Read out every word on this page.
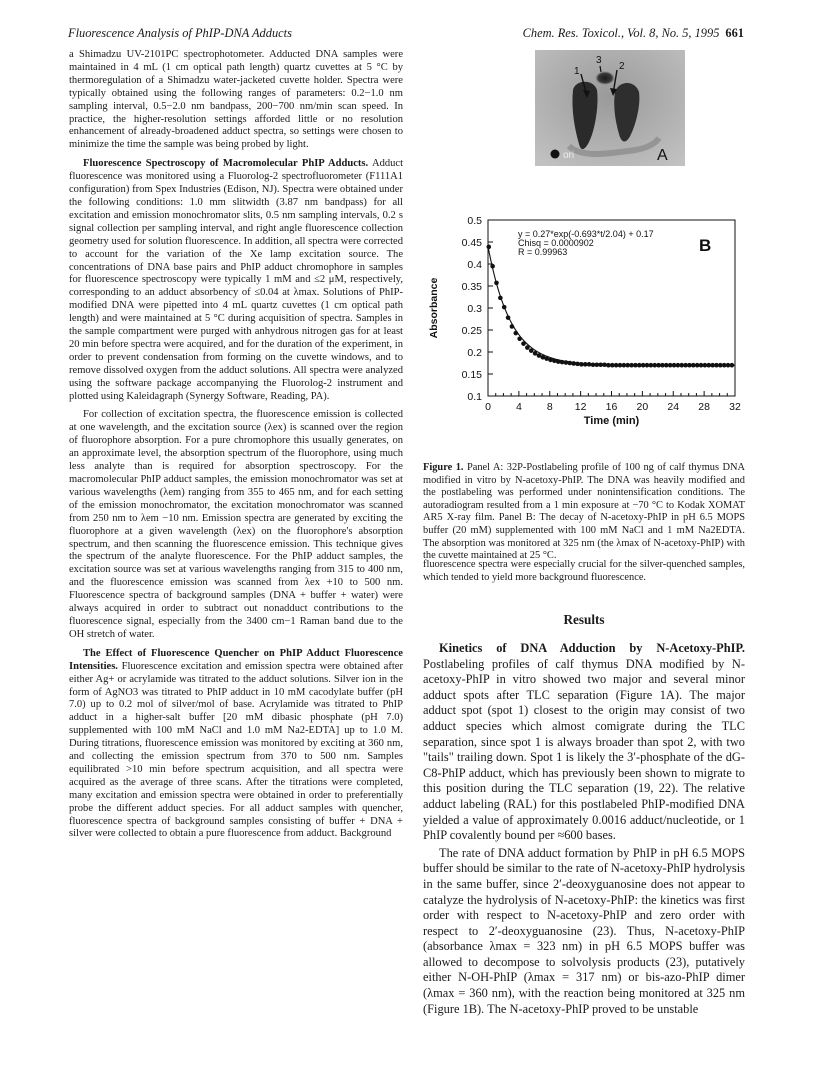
Fluorescence Analysis of PhIP-DNA Adducts	Chem. Res. Toxicol., Vol. 8, No. 5, 1995 661

a Shimadzu UV-2101PC spectrophotometer. Adducted DNA samples were maintained in 4 mL (1 cm optical path length) quartz cuvettes at 5 °C by thermoregulation of a Shimadzu water-jacketed cuvette holder. Spectra were typically obtained using the following ranges of parameters: 0.2−1.0 nm sampling interval, 0.5−2.0 nm bandpass, 200−700 nm/min scan speed. In practice, the higher-resolution settings afforded little or no resolution enhancement of already-broadened adduct spectra, so settings were chosen to minimize the time the sample was being probed by light.

Fluorescence Spectroscopy of Macromolecular PhIP Adducts. Adduct fluorescence was monitored using a Fluorolog-2 spectrofluorometer (F111A1 configuration) from Spex Industries (Edison, NJ). Spectra were obtained under the following conditions: 1.0 mm slitwidth (3.87 nm bandpass) for all excitation and emission monochromator slits, 0.5 nm sampling intervals, 0.2 s signal collection per sampling interval, and right angle fluorescence collection geometry used for solution fluorescence. In addition, all spectra were corrected to account for the variation of the Xe lamp excitation source. The concentrations of DNA base pairs and PhIP adduct chromophore in samples for fluorescence spectroscopy were typically 1 mM and ≤2 μM, respectively, corresponding to an adduct absorbency of ≤0.04 at λmax. Solutions of PhIP-modified DNA were pipetted into 4 mL quartz cuvettes (1 cm optical path length) and were maintained at 5 °C during acquisition of spectra. Samples in the sample compartment were purged with anhydrous nitrogen gas for at least 20 min before spectra were acquired, and for the duration of the experiment, in order to prevent condensation from forming on the cuvette windows, and to remove dissolved oxygen from the adduct solutions. All spectra were analyzed using the software package accompanying the Fluorolog-2 instrument and plotted using Kaleidagraph (Synergy Software, Reading, PA).

For collection of excitation spectra, the fluorescence emission is collected at one wavelength, and the excitation source (λex) is scanned over the region of fluorophore absorption. For a pure chromophore this usually generates, on an approximate level, the absorption spectrum of the fluorophore, using much less analyte than is required for absorption spectroscopy. For the macromolecular PhIP adduct samples, the emission monochromator was set at various wavelengths (λem) ranging from 355 to 465 nm, and for each setting of the emission monochromator, the excitation monochromator was scanned from 250 nm to λem −10 nm. Emission spectra are generated by exciting the fluorophore at a given wavelength (λex) on the fluorophore's absorption spectrum, and then scanning the fluorescence emission. This technique gives the spectrum of the analyte fluorescence. For the PhIP adduct samples, the excitation source was set at various wavelengths ranging from 315 to 400 nm, and the fluorescence emission was scanned from λex +10 to 500 nm. Fluorescence spectra of background samples (DNA + buffer + water) were always acquired in order to subtract out nonadduct contributions to the fluorescence signal, especially from the 3400 cm−1 Raman band due to the OH stretch of water.

The Effect of Fluorescence Quencher on PhIP Adduct Fluorescence Intensities. Fluorescence excitation and emission spectra were obtained after either Ag+ or acrylamide was titrated to the adduct solutions. Silver ion in the form of AgNO3 was titrated to PhIP adduct in 10 mM cacodylate buffer (pH 7.0) up to 0.2 mol of silver/mol of base. Acrylamide was titrated to PhIP adduct in a higher-salt buffer [20 mM dibasic phosphate (pH 7.0) supplemented with 100 mM NaCl and 1.0 mM Na2-EDTA] up to 1.0 M. During titrations, fluorescence emission was monitored by exciting at 360 nm, and collecting the emission spectrum from 370 to 500 nm. Samples equilibrated >10 min before spectrum acquisition, and all spectra were acquired as the average of three scans. After the titrations were completed, many excitation and emission spectra were obtained in order to preferentially probe the different adduct species. For all adduct samples with quencher, fluorescence spectra of background samples consisting of buffer + DNA + silver were collected to obtain a pure fluorescence from adduct. Background

1
3
2
ori	A
Absorbance
Time (min)
y = 0.27*exp(-0.693*t/2.04) + 0.17
Chisq = 0.0000902
R = 0.99963	B
0.1
0.15
0.2
0.25
0.3
0.35
0.4
0.45
0.5
0 4 8 12 16 20 24 28 32
Figure 1. Panel A: 32P-Postlabeling profile of 100 ng of calf thymus DNA modified in vitro by N-acetoxy-PhIP. The DNA was heavily modified and the postlabeling was performed under nonintensification conditions. The autoradiogram resulted from a 1 min exposure at −70 °C to Kodak XOMAT AR5 X-ray film. Panel B: The decay of N-acetoxy-PhIP in pH 6.5 MOPS buffer (20 mM) supplemented with 100 mM NaCl and 1 mM Na2EDTA. The absorption was monitored at 325 nm (the λmax of N-acetoxy-PhIP) with the cuvette maintained at 25 °C.
fluorescence spectra were especially crucial for the silver-quenched samples, which tended to yield more background fluorescence.
Results

Kinetics of DNA Adduction by N-Acetoxy-PhIP. Postlabeling profiles of calf thymus DNA modified by N-acetoxy-PhIP in vitro showed two major and several minor adduct spots after TLC separation (Figure 1A). The major adduct spot (spot 1) closest to the origin may consist of two adduct species which almost comigrate during the TLC separation, since spot 1 is always broader than spot 2, with two "tails" trailing down. Spot 1 is likely the 3′-phosphate of the dG-C8-PhIP adduct, which has previously been shown to migrate to this position during the TLC separation (19, 22). The relative adduct labeling (RAL) for this postlabeled PhIP-modified DNA yielded a value of approximately 0.0016 adduct/nucleotide, or 1 PhIP covalently bound per ≈600 bases.

The rate of DNA adduct formation by PhIP in pH 6.5 MOPS buffer should be similar to the rate of N-acetoxy-PhIP hydrolysis in the same buffer, since 2′-deoxyguanosine does not appear to catalyze the hydrolysis of N-acetoxy-PhIP: the kinetics was first order with respect to N-acetoxy-PhIP and zero order with respect to 2′-deoxyguanosine (23). Thus, N-acetoxy-PhIP (absorbance λmax = 323 nm) in pH 6.5 MOPS buffer was allowed to decompose to solvolysis products (23), putatively either N-OH-PhIP (λmax = 317 nm) or bis-azo-PhIP dimer (λmax = 360 nm), with the reaction being monitored at 325 nm (Figure 1B). The N-acetoxy-PhIP proved to be unstable
